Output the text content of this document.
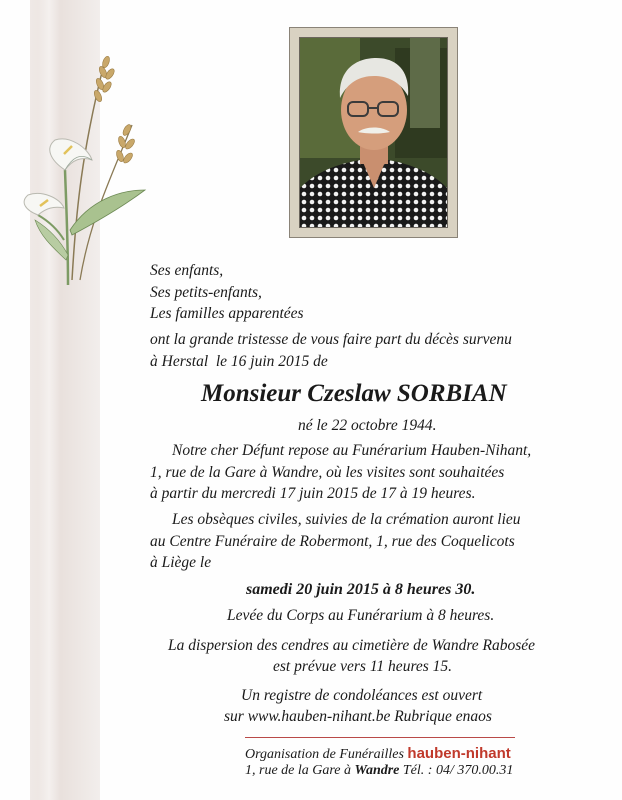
Ses enfants,
Ses petits-enfants,
Les familles apparentées
ont la grande tristesse de vous faire part du décès survenu
à Herstal  le 16 juin 2015 de
Monsieur Czeslaw SORBIAN
né le 22 octobre 1944.
Notre cher Défunt repose au Funérarium Hauben-Nihant,
1, rue de la Gare à Wandre, où les visites sont souhaitées
à partir du mercredi 17 juin 2015 de 17 à 19 heures.
Les obsèques civiles, suivies de la crémation auront lieu
au Centre Funéraire de Robermont, 1, rue des Coquelicots
à Liège le
samedi 20 juin 2015 à 8 heures 30.
Levée du Corps au Funérarium à 8 heures.
La dispersion des cendres au cimetière de Wandre Rabosée
est prévue vers 11 heures 15.
Un registre de condoléances est ouvert
sur www.hauben-nihant.be Rubrique enaos
Organisation de Funérailles hauben-nihant
1, rue de la Gare à Wandre Tél. : 04/ 370.00.31
